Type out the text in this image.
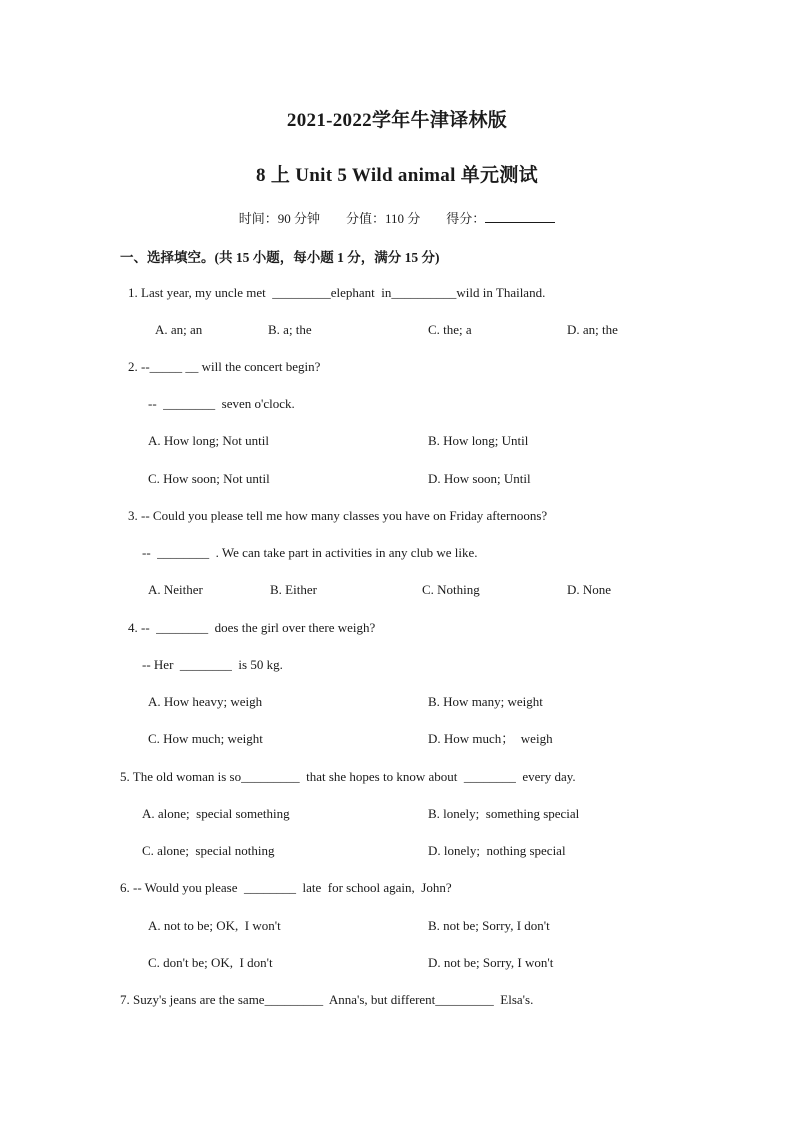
2021-2022学年牛津译林版
8 上 Unit 5 Wild animal 单元测试
时间：90 分钟 分值：110 分 得分：
一、选择填空。(共 15 小题，每小题 1 分，满分 15 分)
1. Last year, my uncle met  _________elephant  in__________wild in Thailand.
A. an; an	B. a; the	C. the; a	D. an; the
2. --_____ __ will the concert begin?
--  ________  seven o'clock.
A. How long; Not until	B. How long; Until
C. How soon; Not until	D. How soon; Until
3. -- Could you please tell me how many classes you have on Friday afternoons?
--  ________  . We can take part in activities in any club we like.
A. Neither	B. Either	C. Nothing	D. None
4. --  ________  does the girl over there weigh?
-- Her  ________  is 50 kg.
A. How heavy; weigh	B. How many; weight
C. How much; weight	D. How much；  weigh
5. The old woman is so_________  that she hopes to know about  ________  every day.
A. alone;  special something	B. lonely;  something special
C. alone;  special nothing	D. lonely;  nothing special
6. -- Would you please  ________  late  for school again,  John?
A. not to be; OK,  I won't	B. not be; Sorry, I don't
C. don't be; OK,  I don't	D. not be; Sorry, I won't
7. Suzy's jeans are the same_________  Anna's, but different_________  Elsa's.
